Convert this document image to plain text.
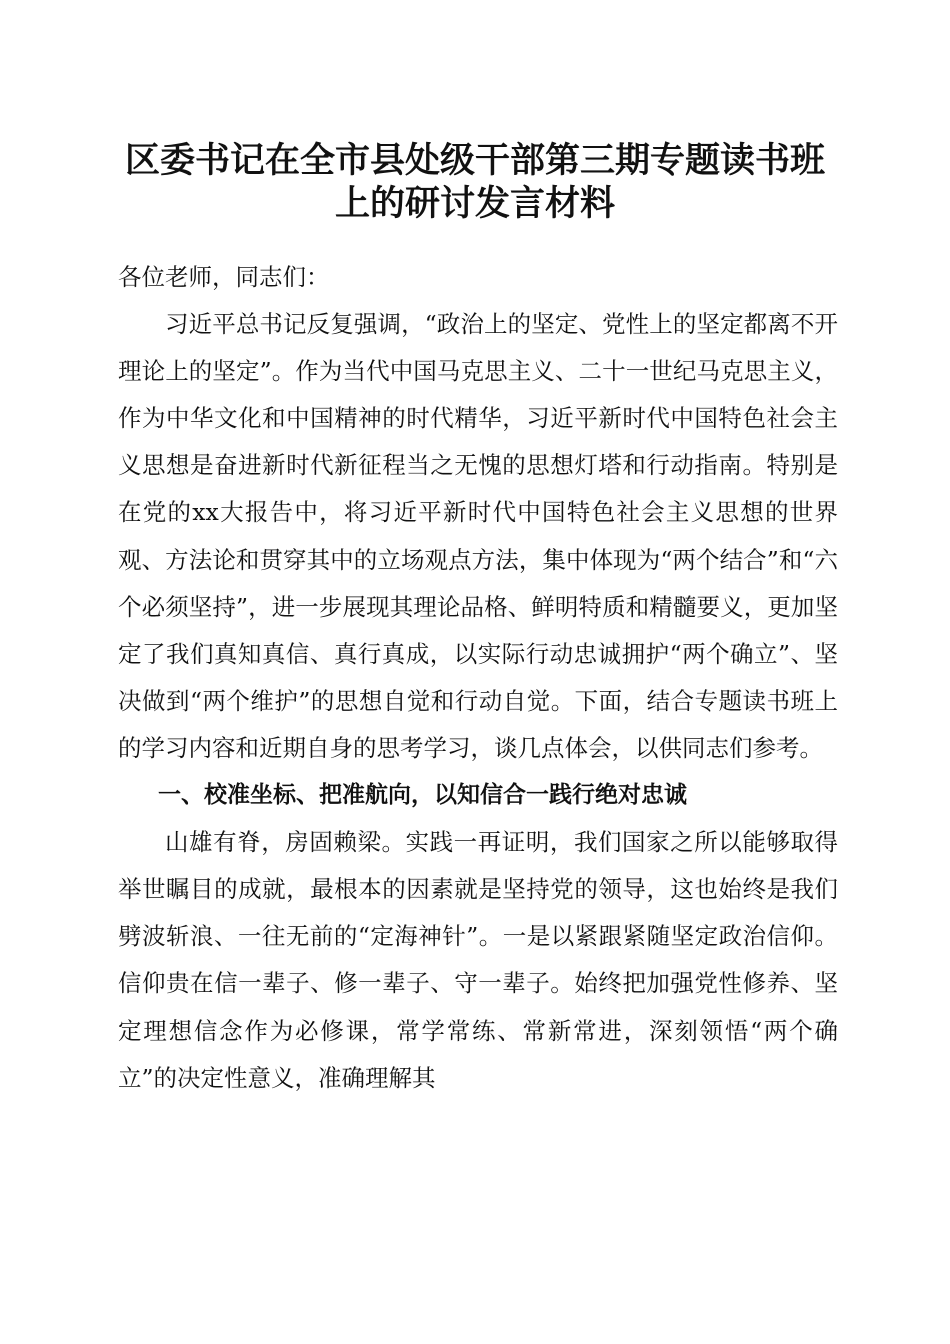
区委书记在全市县处级干部第三期专题读书班
上的研讨发言材料

各位老师，同志们：

习近平总书记反复强调，“政治上的坚定、党性上的坚定都离不开理论上的坚定”。作为当代中国马克思主义、二十一世纪马克思主义，作为中华文化和中国精神的时代精华，习近平新时代中国特色社会主义思想是奋进新时代新征程当之无愧的思想灯塔和行动指南。特别是在党的xx大报告中，将习近平新时代中国特色社会主义思想的世界观、方法论和贯穿其中的立场观点方法，集中体现为“两个结合”和“六个必须坚持”，进一步展现其理论品格、鲜明特质和精髓要义，更加坚定了我们真知真信、真行真成，以实际行动忠诚拥护“两个确立”、坚决做到“两个维护”的思想自觉和行动自觉。下面，结合专题读书班上的学习内容和近期自身的思考学习，谈几点体会，以供同志们参考。

一、校准坐标、把准航向，以知信合一践行绝对忠诚

山雄有脊，房固赖梁。实践一再证明，我们国家之所以能够取得举世瞩目的成就，最根本的因素就是坚持党的领导，这也始终是我们劈波斩浪、一往无前的“定海神针”。一是以紧跟紧随坚定政治信仰。信仰贵在信一辈子、修一辈子、守一辈子。始终把加强党性修养、坚定理想信念作为必修课，常学常练、常新常进，深刻领悟“两个确立”的决定性意义，准确理解其
